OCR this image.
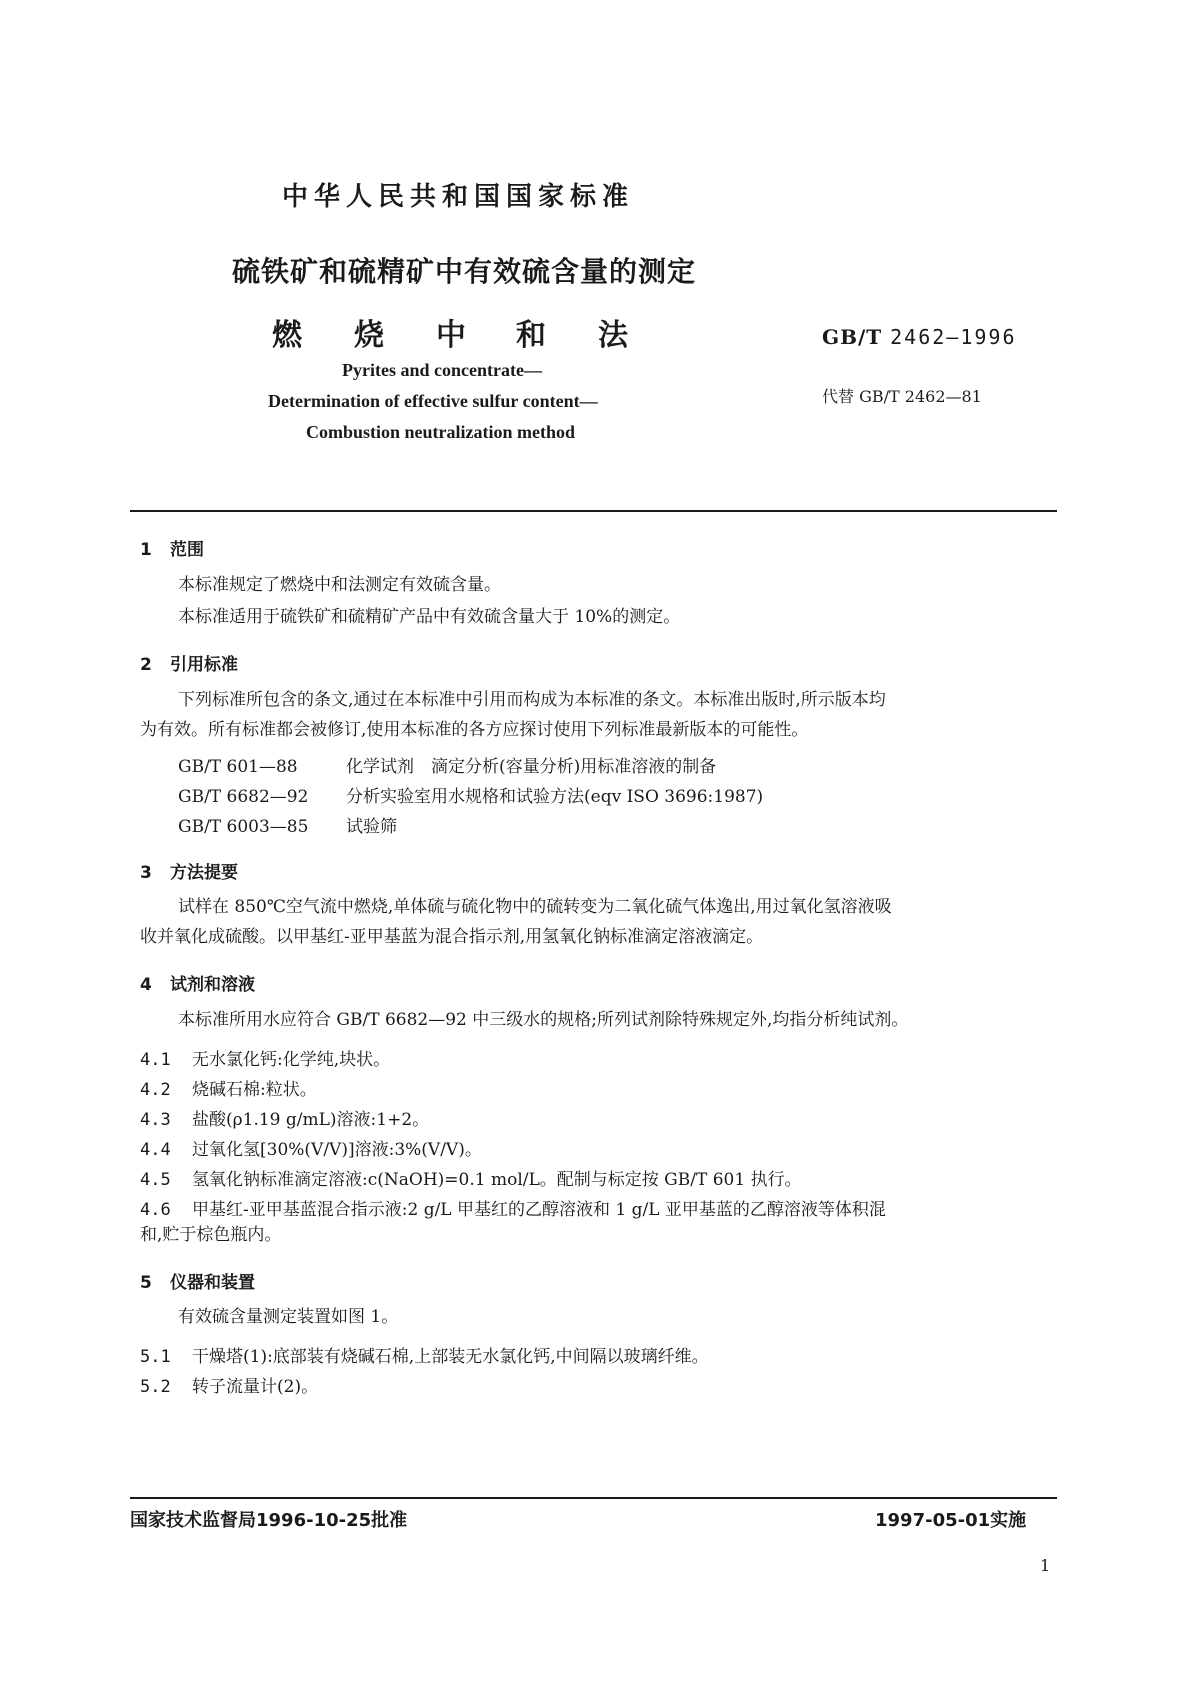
中华人民共和国国家标准
硫铁矿和硫精矿中有效硫含量的测定
燃 烧 中 和 法	GB/T 2462—1996
代替 GB/T 2462—81
Pyrites and concentrate—
Determination of effective sulfur content—
Combustion neutralization method
1 范围
本标准规定了燃烧中和法测定有效硫含量。
本标准适用于硫铁矿和硫精矿产品中有效硫含量大于 10%的测定。
2 引用标准
下列标准所包含的条文,通过在本标准中引用而构成为本标准的条文。本标准出版时,所示版本均
为有效。所有标准都会被修订,使用本标准的各方应探讨使用下列标准最新版本的可能性。
GB/T 601—88	化学试剂　滴定分析(容量分析)用标准溶液的制备
GB/T 6682—92 分析实验室用水规格和试验方法(eqv ISO 3696:1987)
GB/T 6003—85 试验筛
3 方法提要
试样在 850℃空气流中燃烧,单体硫与硫化物中的硫转变为二氧化硫气体逸出,用过氧化氢溶液吸
收并氧化成硫酸。以甲基红-亚甲基蓝为混合指示剂,用氢氧化钠标准滴定溶液滴定。
4 试剂和溶液
本标准所用水应符合 GB/T 6682—92 中三级水的规格;所列试剂除特殊规定外,均指分析纯试剂。
4.1 无水氯化钙:化学纯,块状。
4.2 烧碱石棉:粒状。
4.3 盐酸(ρ1.19 g/mL)溶液:1+2。
4.4 过氧化氢[30%(V/V)]溶液:3%(V/V)。
4.5 氢氧化钠标准滴定溶液:c(NaOH)=0.1 mol/L。配制与标定按 GB/T 601 执行。
4.6 甲基红-亚甲基蓝混合指示液:2 g/L 甲基红的乙醇溶液和 1 g/L 亚甲基蓝的乙醇溶液等体积混
和,贮于棕色瓶内。
5 仪器和装置
有效硫含量测定装置如图 1。
5.1 干燥塔(1):底部装有烧碱石棉,上部装无水氯化钙,中间隔以玻璃纤维。
5.2 转子流量计(2)。
国家技术监督局1996-10-25批准	1997-05-01实施
1
